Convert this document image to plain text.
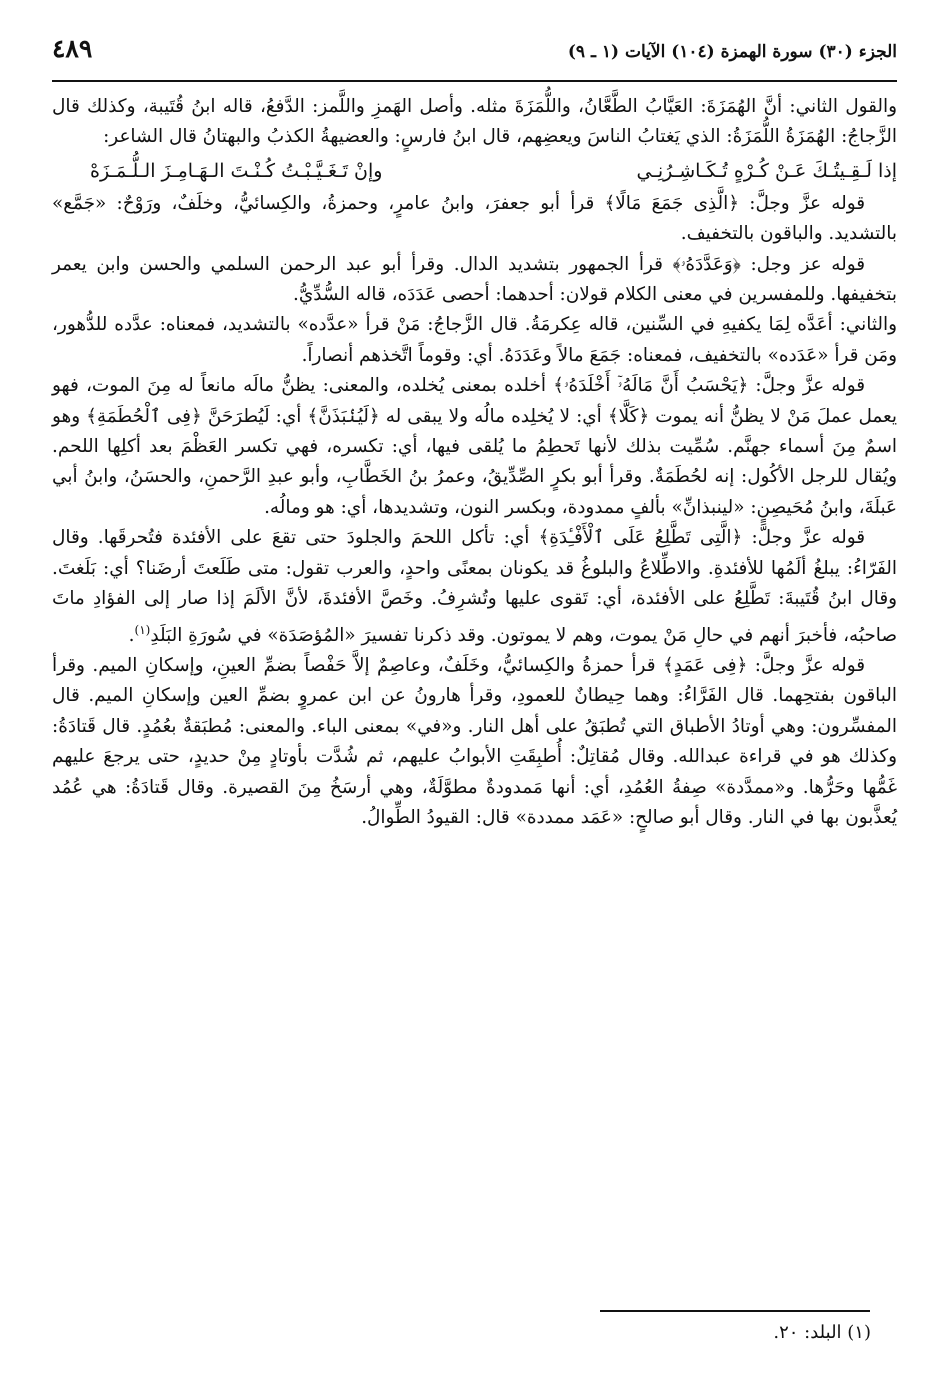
الجزء (٣٠) سورة الهمزة (١٠٤) الآيات (١ ـ ٩)
٤٨٩

والقول الثاني: أنَّ الهُمَزَةَ: العَيَّابُ الطَّعَّانُ، واللُّمَزَةَ مثله. وأصل الهَمزِ واللَّمز: الدَّفعُ، قاله ابنُ قُتَيبة، وكذلك قال الزَّجاجُ: الهُمَزَةُ اللُّمَزَةُ: الذي يَغتابُ الناسَ ويعضِهم، قال ابنُ فارسٍ: والعضيهةُ الكذبُ والبهتانُ قال الشاعر:

إذا لَـقِـيتُـكَ عَـنْ كُـرْهٍ تُـكَـاشِـرُنِـي
وإنْ تَـغَـيَّـبْـتُ كُـنْـتَ الـهَـامِـزَ الـلُّـمَـزَهْ

قوله عزَّ وجلَّ: ﴿الَّذِى جَمَعَ مَالًا﴾ قرأ أبو جعفرَ، وابنُ عامرٍ، وحمزةُ، والكِسائيُّ، وخلَفٌ، ورَوْحٌ: «جَمَّع» بالتشديد. والباقون بالتخفيف.

قوله عز وجل: ﴿وَعَدَّدَهُۥ﴾ قرأ الجمهور بتشديد الدال. وقرأ أبو عبد الرحمن السلمي والحسن وابن يعمر بتخفيفها. وللمفسرين في معنى الكلام قولان: أحدهما: أحصى عَدَدَه، قاله السُّدِّيُّ.

والثاني: أعَدَّه لِمَا يكفيهِ في السِّنين، قاله عِكرمَةُ. قال الزَّجاجُ: مَنْ قرأ «عدَّده» بالتشديد، فمعناه: عدَّده للدُّهور، ومَن قرأ «عَدَده» بالتخفيف، فمعناه: جَمَعَ مالاً وعَدَدَهُ. أي: وقوماً اتَّخذهم أنصاراً.

قوله عزَّ وجلَّ: ﴿يَحْسَبُ أَنَّ مَالَهُۥٓ أَخْلَدَهُۥ﴾ أخلده بمعنى يُخلده، والمعنى: يظنُّ مالَه مانعاً له مِنَ الموت، فهو يعمل عملَ مَنْ لا يظنُّ أنه يموت ﴿كَلَّا﴾ أي: لا يُخلِده مالُه ولا يبقى له ﴿لَيُنۢبَذَنَّ﴾ أي: لَيُطرَحَنَّ ﴿فِى ٱلْحُطَمَةِ﴾ وهو اسمٌ مِنَ أسماء جهنَّم. سُمِّيت بذلك لأنها تَحطِمُ ما يُلقى فيها، أي: تكسره، فهي تكسر العَظْمَ بعد أكلِها اللحم. ويُقال للرجل الأكُول: إنه لحُطَمَةٌ. وقرأ أبو بكرٍ الصِّدِّيقُ، وعمرُ بنُ الخَطَّابِ، وأبو عبدِ الرَّحمنِ، والحسَنُ، وابنُ أبي عَبلَةَ، وابنُ مُحَيصِنٍ: «لينبذانِّ» بألفٍ ممدودة، وبكسر النون، وتشديدها، أي: هو ومالُه.

قوله عزَّ وجلَّ: ﴿الَّتِى تَطَّلِعُ عَلَى ٱلْأَفْـِٔدَةِ﴾ أي: تأكل اللحمَ والجلودَ حتى تقعَ على الأفئدة فتُحرقَها. وقال الفَرّاءُ: يبلغُ ألَمُها للأفئدةِ. والاطِّلاعُ والبلوغُ قد يكونان بمعنًى واحدٍ، والعرب تقول: متى طَلَعتَ أرضَنا؟ أي: بَلَغتَ. وقال ابنُ قُتَيبةَ: تَطَّلِعُ على الأفئدة، أي: تَقوى عليها وتُشرِفُ. وخَصَّ الأفئدةَ، لأنَّ الألَمَ إذا صار إلى الفؤادِ ماتَ صاحبُه، فأخبرَ أنهم في حالِ مَنْ يموت، وهم لا يموتون. وقد ذكرنا تفسيرَ «المُؤصَدَة» في سُورَةِ البَلَدِ$^{(١)}$.

قوله عزَّ وجلَّ: ﴿فِى عَمَدٍ﴾ قرأ حمزةُ والكِسائيُّ، وخَلَفٌ، وعاصِمٌ إلاَّ حَفْصاً بضمِّ العينِ، وإسكانِ الميم. وقرأ الباقون بفتحِهما. قال الفَرَّاءُ: وهما حِيطانٌ للعمودِ، وقرأ هارونُ عن ابن عمروٍ بضمِّ العين وإسكانِ الميم. قال المفسِّرون: وهي أوتادُ الأطباق التي تُطبَقُ على أهل النار. و«في» بمعنى الباء. والمعنى: مُطبَقةٌ بعُمُدٍ. قال قَتادَةُ: وكذلك هو في قراءة عبدالله. وقال مُقاتِلٌ: أُطبِقَتِ الأبوابُ عليهم، ثم شُدَّت بأوتادٍ مِنْ حديدٍ، حتى يرجعَ عليهم غَمُّها وحَرُّها. و«ممدَّدة» صِفةُ العُمُدِ، أي: أنها مَمدودةٌ مطوَّلَةٌ، وهي أرسَخُ مِنَ القصيرة. وقال قَتادَةُ: هي عُمُد يُعذَّبون بها في النار. وقال أبو صالحٍ: «عَمَد ممددة» قال: القيودُ الطِّوالُ.

(١) البلد: ٢٠.
